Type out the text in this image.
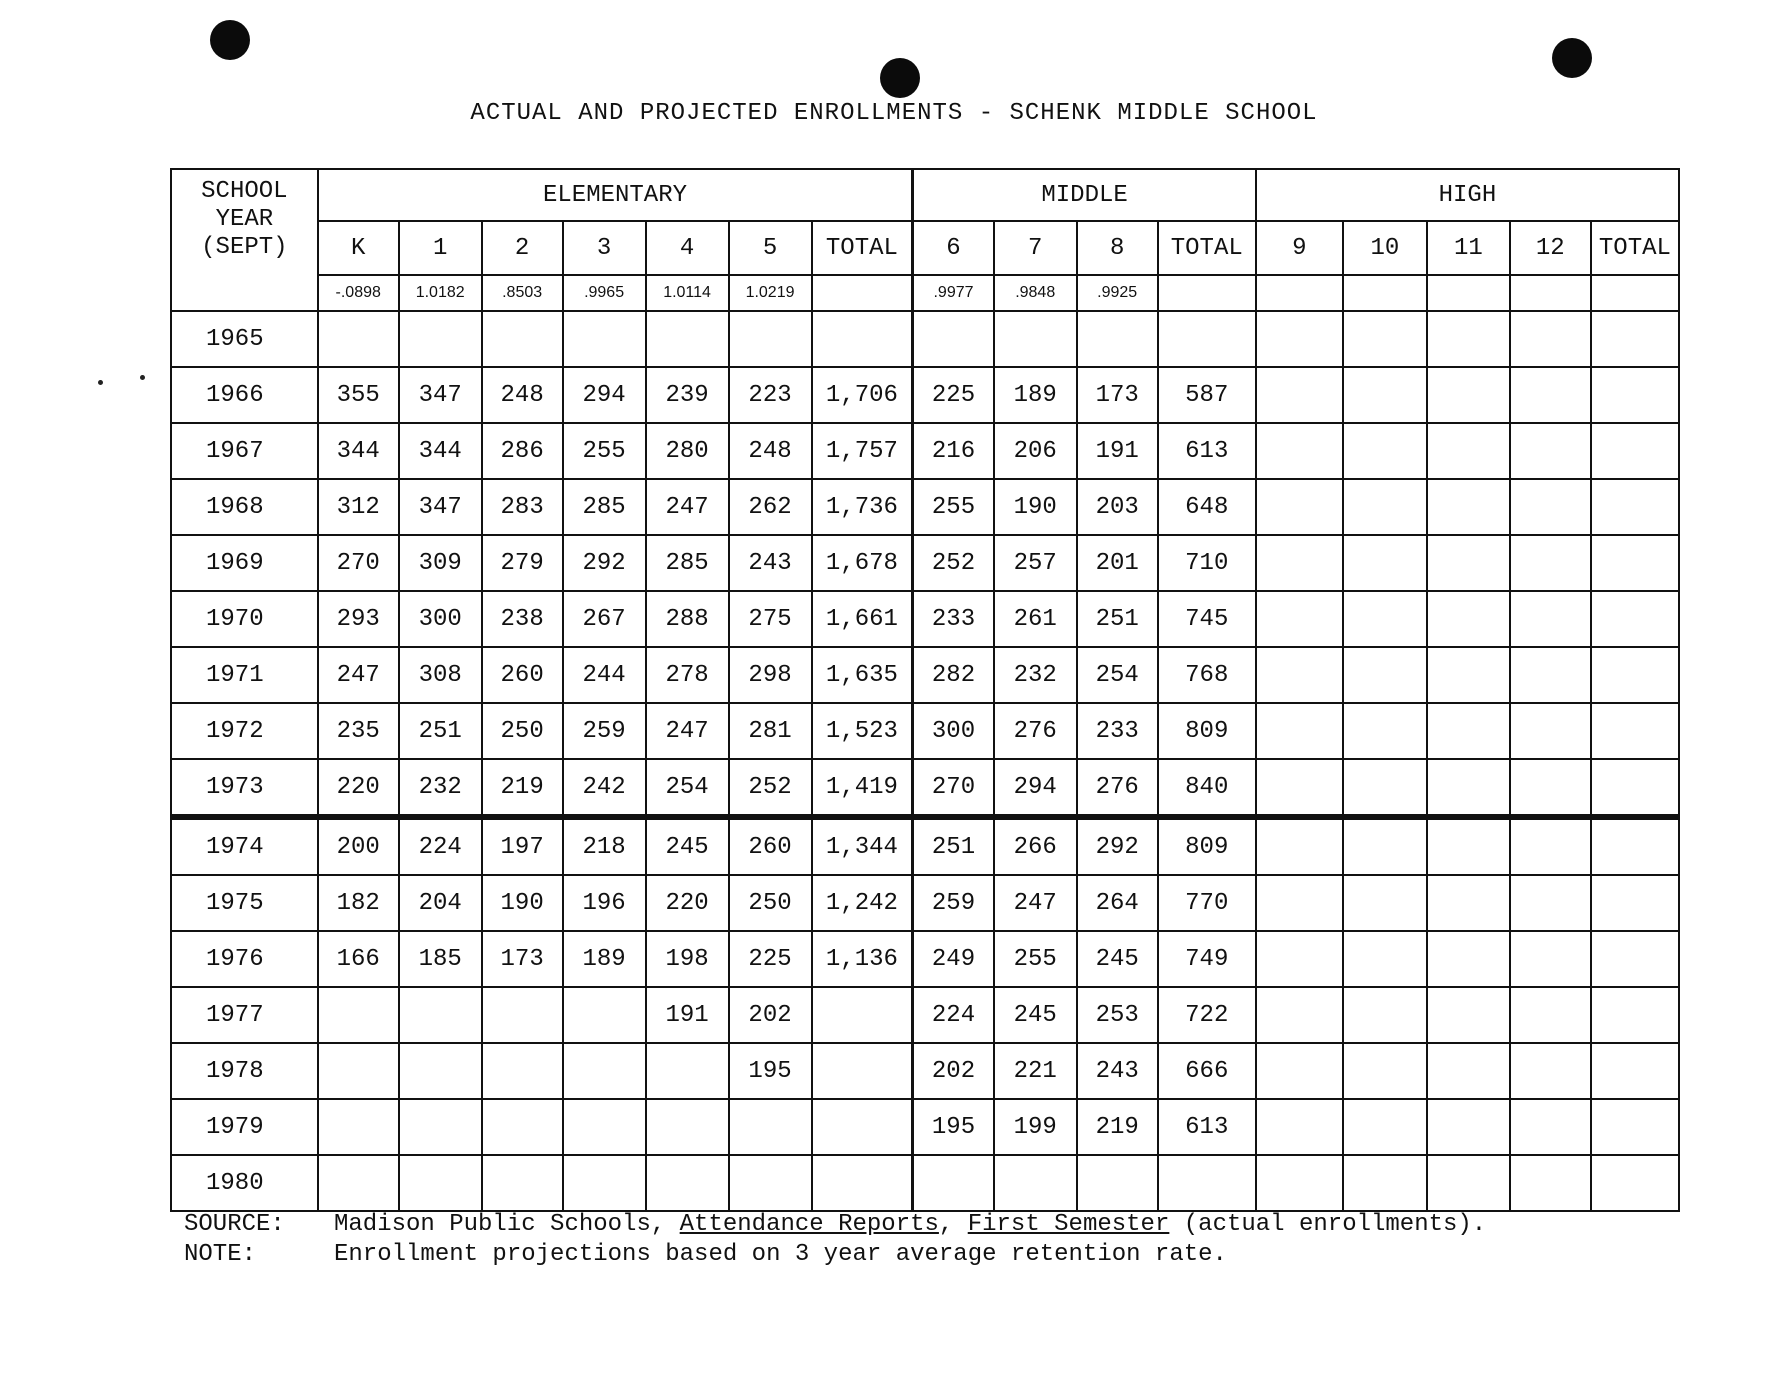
ACTUAL AND PROJECTED ENROLLMENTS - SCHENK MIDDLE SCHOOL
SCHOOL
YEAR
(SEPT)	ELEMENTARY							MIDDLE				HIGH				
	K	1	2	3	4	5	TOTAL	6	7	8	TOTAL	9	10	11	12	TOTAL
	-.0898	1.0182	.8503	.9965	1.0114	1.0219		.9977	.9848	.9925						
1965																
1966	355	347	248	294	239	223	1,706	225	189	173	587					
1967	344	344	286	255	280	248	1,757	216	206	191	613					
1968	312	347	283	285	247	262	1,736	255	190	203	648					
1969	270	309	279	292	285	243	1,678	252	257	201	710					
1970	293	300	238	267	288	275	1,661	233	261	251	745					
1971	247	308	260	244	278	298	1,635	282	232	254	768					
1972	235	251	250	259	247	281	1,523	300	276	233	809					
1973	220	232	219	242	254	252	1,419	270	294	276	840					
1974	200	224	197	218	245	260	1,344	251	266	292	809					
1975	182	204	190	196	220	250	1,242	259	247	264	770					
1976	166	185	173	189	198	225	1,136	249	255	245	749					
1977					191	202		224	245	253	722					
1978						195		202	221	243	666					
1979								195	199	219	613					
1980																
SOURCE:	Madison Public Schools, Attendance Reports, First Semester (actual enrollments).
NOTE:	Enrollment projections based on 3 year average retention rate.
